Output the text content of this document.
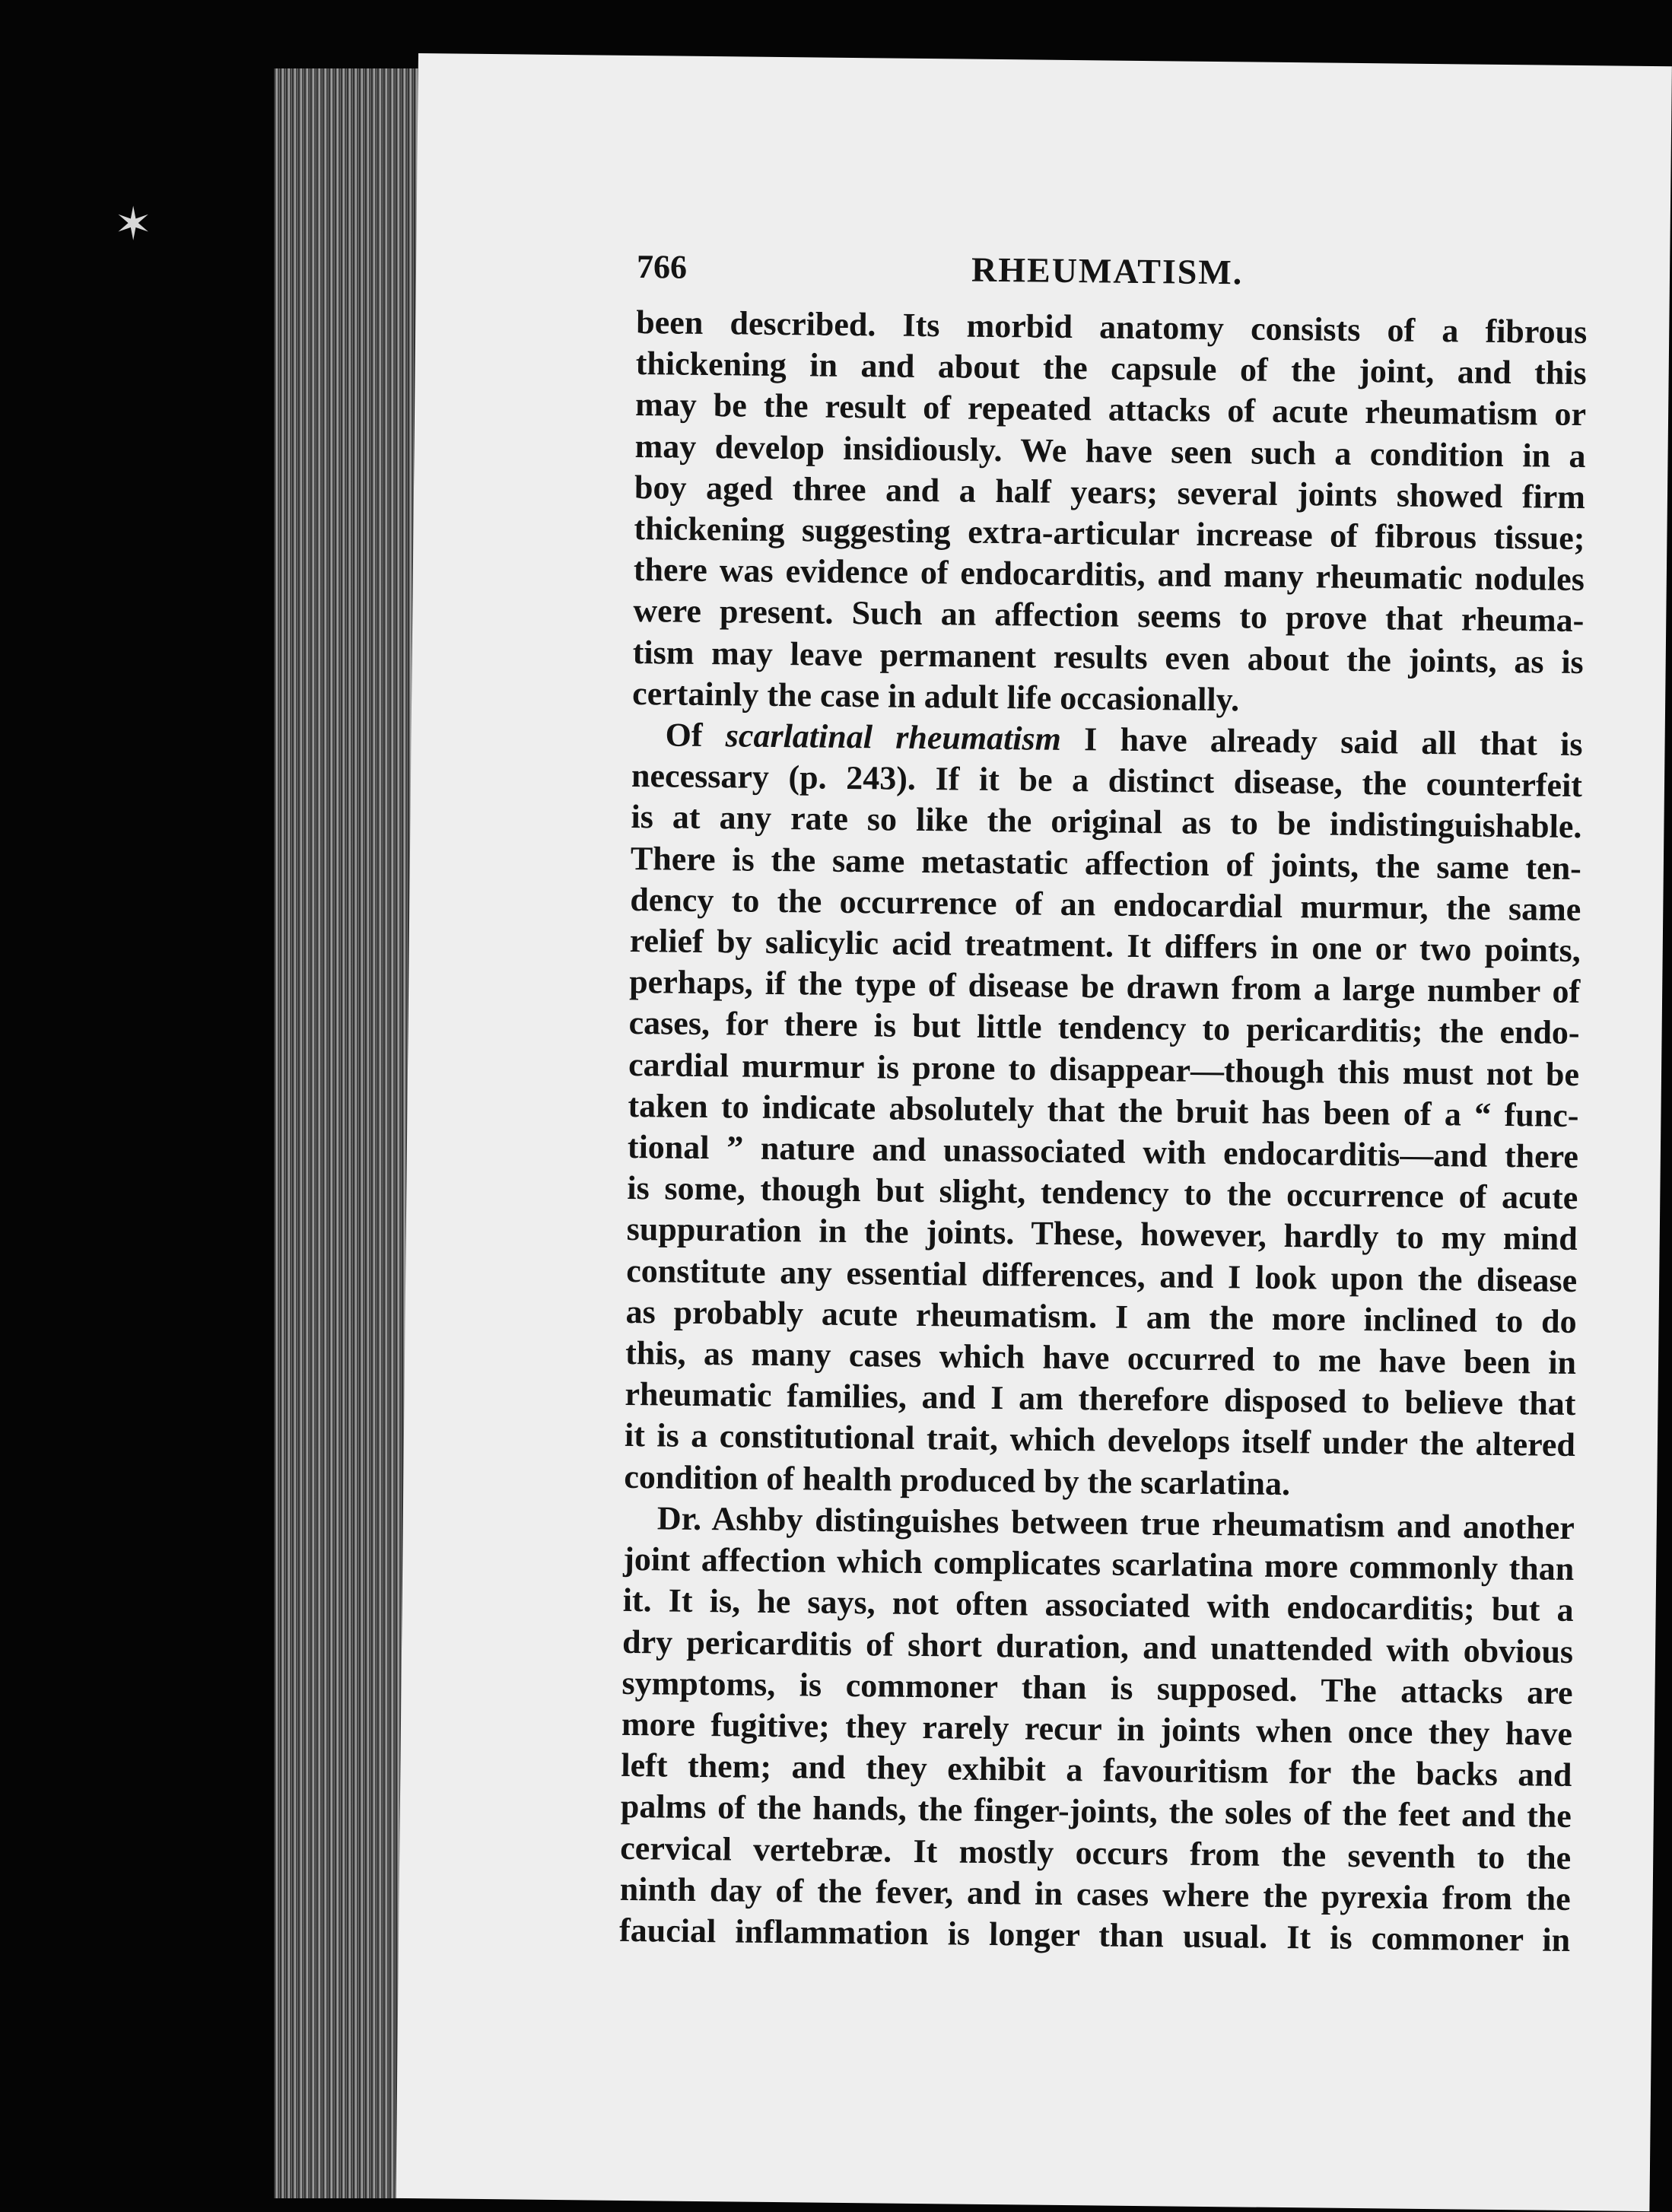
✶
766	RHEUMATISM.
been described. Its morbid anatomy consists of a fibrous
thickening in and about the capsule of the joint, and this
may be the result of repeated attacks of acute rheumatism or
may develop insidiously. We have seen such a condition in a
boy aged three and a half years; several joints showed firm
thickening suggesting extra-articular increase of fibrous tissue;
there was evidence of endocarditis, and many rheumatic nodules
were present. Such an affection seems to prove that rheuma-
tism may leave permanent results even about the joints, as is
certainly the case in adult life occasionally.
Of scarlatinal rheumatism I have already said all that is
necessary (p. 243). If it be a distinct disease, the counterfeit
is at any rate so like the original as to be indistinguishable.
There is the same metastatic affection of joints, the same ten-
dency to the occurrence of an endocardial murmur, the same
relief by salicylic acid treatment. It differs in one or two points,
perhaps, if the type of disease be drawn from a large number of
cases, for there is but little tendency to pericarditis; the endo-
cardial murmur is prone to disappear—though this must not be
taken to indicate absolutely that the bruit has been of a “ func-
tional ” nature and unassociated with endocarditis—and there
is some, though but slight, tendency to the occurrence of acute
suppuration in the joints. These, however, hardly to my mind
constitute any essential differences, and I look upon the disease
as probably acute rheumatism. I am the more inclined to do
this, as many cases which have occurred to me have been in
rheumatic families, and I am therefore disposed to believe that
it is a constitutional trait, which develops itself under the altered
condition of health produced by the scarlatina.
Dr. Ashby distinguishes between true rheumatism and another
joint affection which complicates scarlatina more commonly than
it. It is, he says, not often associated with endocarditis; but a
dry pericarditis of short duration, and unattended with obvious
symptoms, is commoner than is supposed. The attacks are
more fugitive; they rarely recur in joints when once they have
left them; and they exhibit a favouritism for the backs and
palms of the hands, the finger-joints, the soles of the feet and the
cervical vertebræ. It mostly occurs from the seventh to the
ninth day of the fever, and in cases where the pyrexia from the
faucial inflammation is longer than usual. It is commoner in
